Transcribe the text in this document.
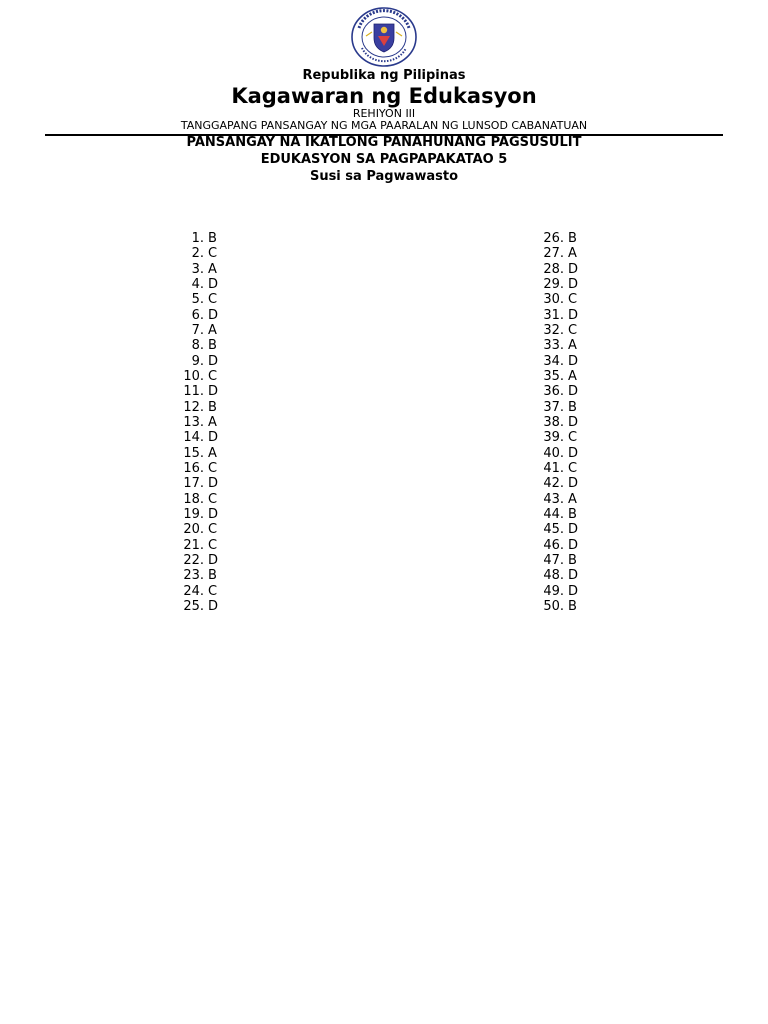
Republika ng Pilipinas
Kagawaran ng Edukasyon
REHIYON III
TANGGAPANG PANSANGAY NG MGA PAARALAN NG LUNSOD CABANATUAN
PANSANGAY NA IKATLONG PANAHUNANG PAGSUSULIT
EDUKASYON SA PAGPAPAKATAO 5
Susi sa Pagwawasto
1. B
2. C
3. A
4. D
5. C
6. D
7. A
8. B
9. D
10. C
11. D
12. B
13. A
14. D
15. A
16. C
17. D
18. C
19. D
20. C
21. C
22. D
23. B
24. C
25. D
26. B
27. A
28. D
29. D
30. C
31. D
32. C
33. A
34. D
35. A
36. D
37. B
38. D
39. C
40. D
41. C
42. D
43. A
44. B
45. D
46. D
47. B
48. D
49. D
50. B
